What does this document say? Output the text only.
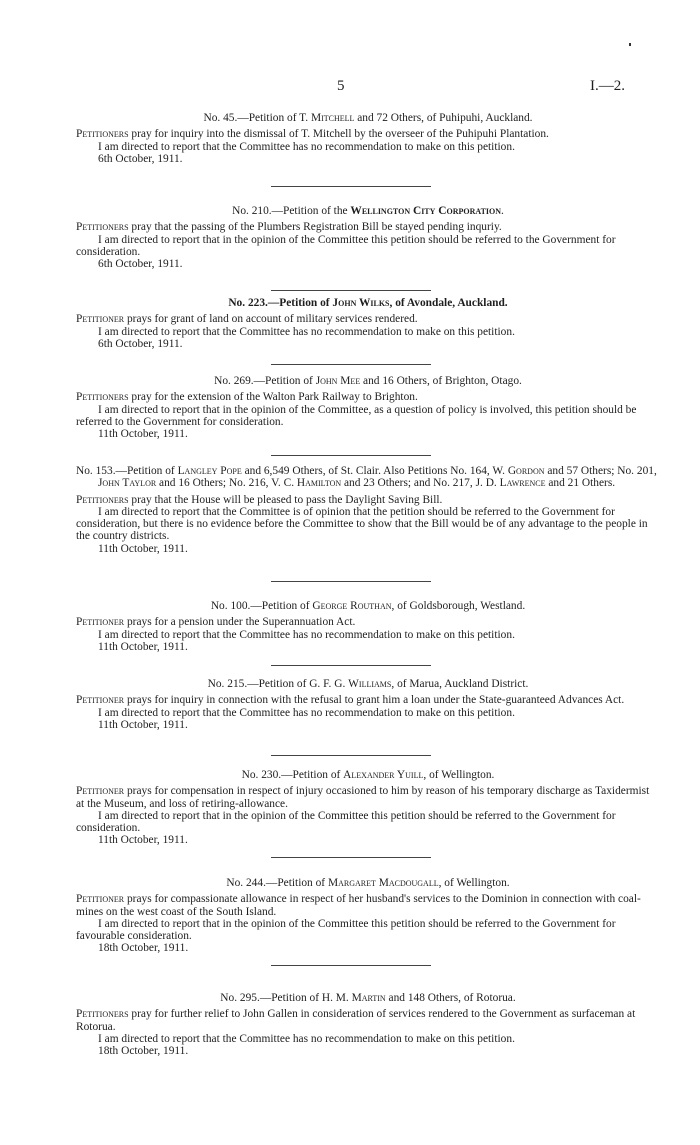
5	I.—2.

No. 45.—Petition of T. Mitchell and 72 Others, of Puhipuhi, Auckland.

Petitioners pray for inquiry into the dismissal of T. Mitchell by the overseer of the Puhipuhi Plantation.

I am directed to report that the Committee has no recommendation to make on this petition.

6th October, 1911.

No. 210.—Petition of the Wellington City Corporation.

Petitioners pray that the passing of the Plumbers Registration Bill be stayed pending inquriy.

I am directed to report that in the opinion of the Committee this petition should be referred to the Government for consideration.

6th October, 1911.

No. 223.—Petition of John Wilks, of Avondale, Auckland.

Petitioner prays for grant of land on account of military services rendered.

I am directed to report that the Committee has no recommendation to make on this petition.

6th October, 1911.

No. 269.—Petition of John Mee and 16 Others, of Brighton, Otago.

Petitioners pray for the extension of the Walton Park Railway to Brighton.

I am directed to report that in the opinion of the Committee, as a question of policy is involved, this petition should be referred to the Government for consideration.

11th October, 1911.

No. 153.—Petition of Langley Pope and 6,549 Others, of St. Clair. Also Petitions No. 164, W. Gordon and 57 Others; No. 201, John Taylor and 16 Others; No. 216, V. C. Hamilton and 23 Others; and No. 217, J. D. Lawrence and 21 Others.

Petitioners pray that the House will be pleased to pass the Daylight Saving Bill.

I am directed to report that the Committee is of opinion that the petition should be referred to the Government for consideration, but there is no evidence before the Committee to show that the Bill would be of any advantage to the people in the country districts.

11th October, 1911.

No. 100.—Petition of George Routhan, of Goldsborough, Westland.

Petitioner prays for a pension under the Superannuation Act.

I am directed to report that the Committee has no recommendation to make on this petition.

11th October, 1911.

No. 215.—Petition of G. F. G. Williams, of Marua, Auckland District.

Petitioner prays for inquiry in connection with the refusal to grant him a loan under the State-guaranteed Advances Act.

I am directed to report that the Committee has no recommendation to make on this petition.

11th October, 1911.

No. 230.—Petition of Alexander Yuill, of Wellington.

Petitioner prays for compensation in respect of injury occasioned to him by reason of his temporary discharge as Taxidermist at the Museum, and loss of retiring-allowance.

I am directed to report that in the opinion of the Committee this petition should be referred to the Government for consideration.

11th October, 1911.

No. 244.—Petition of Margaret Macdougall, of Wellington.

Petitioner prays for compassionate allowance in respect of her husband's services to the Dominion in connection with coal-mines on the west coast of the South Island.

I am directed to report that in the opinion of the Committee this petition should be referred to the Government for favourable consideration.

18th October, 1911.

No. 295.—Petition of H. M. Martin and 148 Others, of Rotorua.

Petitioners pray for further relief to John Gallen in consideration of services rendered to the Government as surfaceman at Rotorua.

I am directed to report that the Committee has no recommendation to make on this petition.

18th October, 1911.
